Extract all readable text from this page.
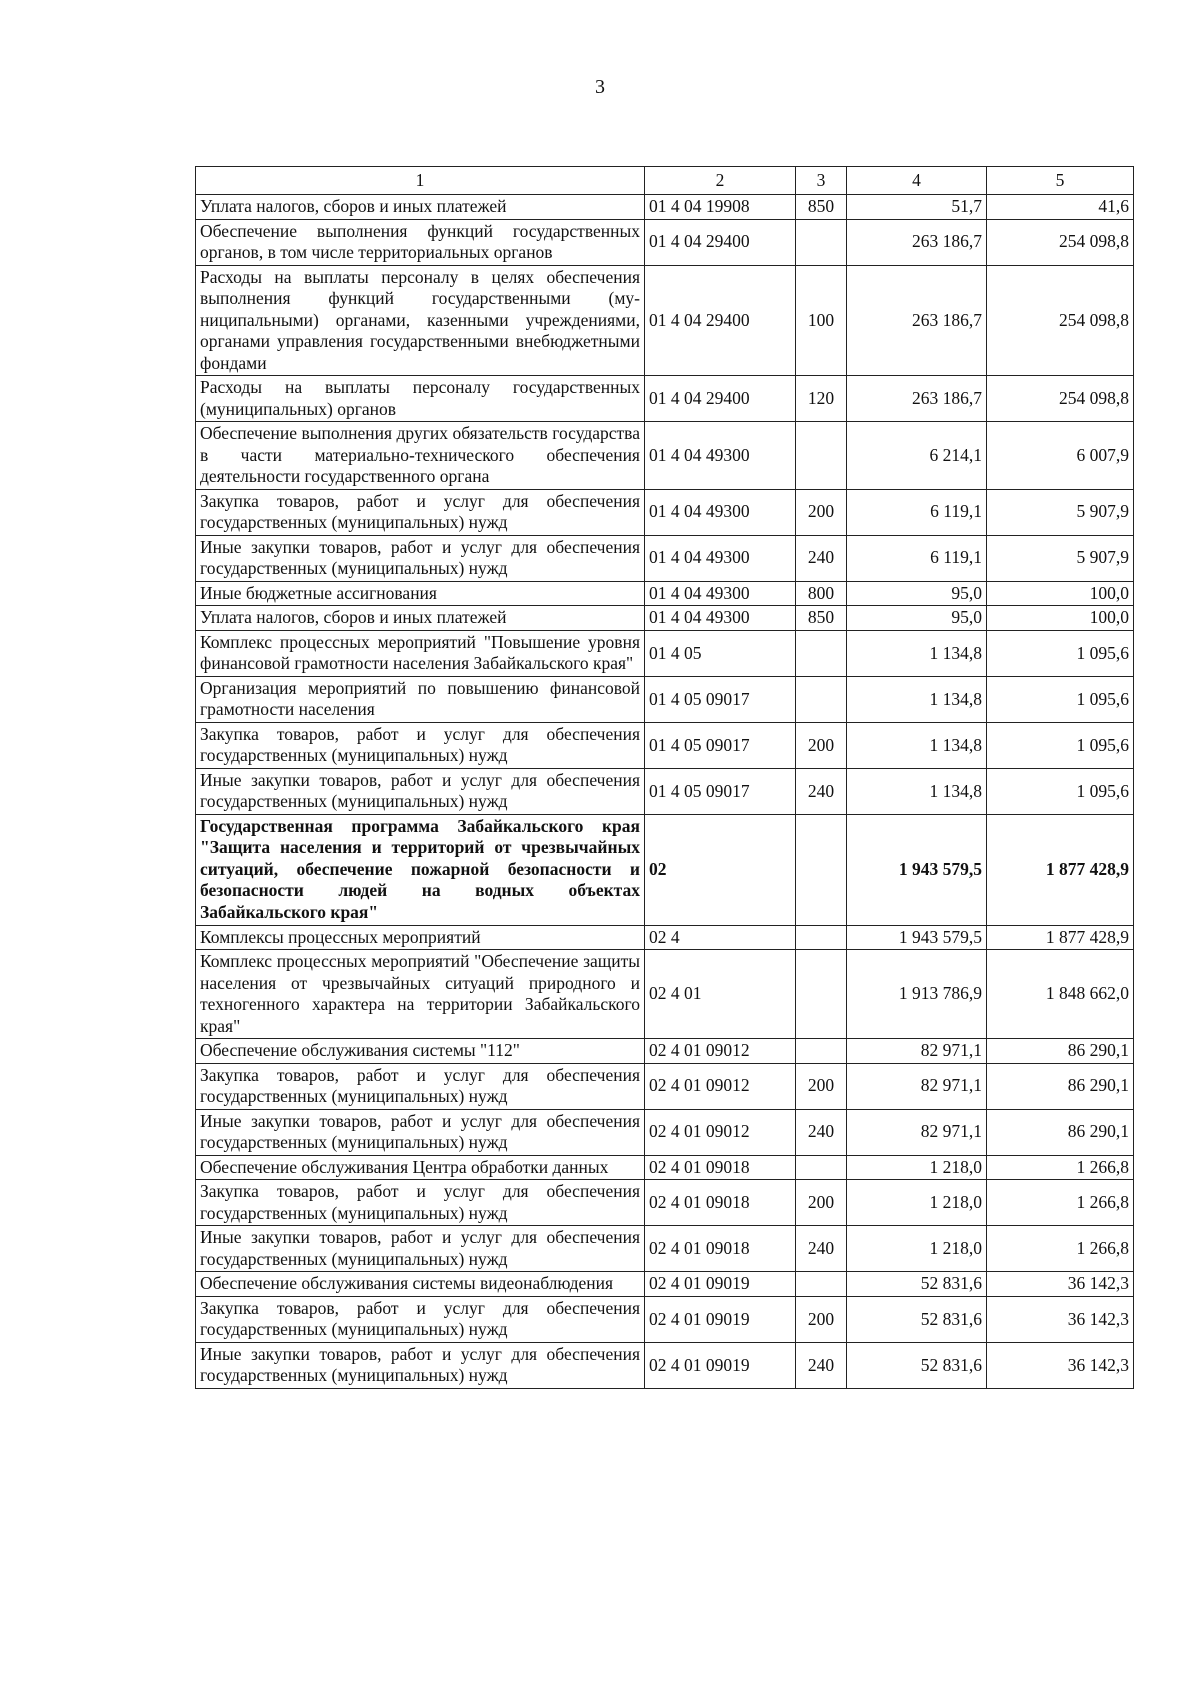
3
1	2	3	4	5
Уплата налогов, сборов и иных платежей	01 4 04 19908	850	51,7	41,6
Обеспечение выполнения функций государственных органов, в том числе территориальных органов	01 4 04 29400		263 186,7	254 098,8
Расходы на выплаты персоналу в целях обеспечения выполнения функций государственными (муниципальными) органами, казенными учреждениями, органами управления государственными внебюджетными фондами	01 4 04 29400	100	263 186,7	254 098,8
Расходы на выплаты персоналу государственных (муниципальных) органов	01 4 04 29400	120	263 186,7	254 098,8
Обеспечение выполнения других обязательств государства в части материально-технического обеспечения деятельности государственного органа	01 4 04 49300		6 214,1	6 007,9
Закупка товаров, работ и услуг для обеспечения государственных (муниципальных) нужд	01 4 04 49300	200	6 119,1	5 907,9
Иные закупки товаров, работ и услуг для обеспечения государственных (муниципальных) нужд	01 4 04 49300	240	6 119,1	5 907,9
Иные бюджетные ассигнования	01 4 04 49300	800	95,0	100,0
Уплата налогов, сборов и иных платежей	01 4 04 49300	850	95,0	100,0
Комплекс процессных мероприятий "Повышение уровня финансовой грамотности населения Забайкальского края"	01 4 05		1 134,8	1 095,6
Организация мероприятий по повышению финансовой грамотности населения	01 4 05 09017		1 134,8	1 095,6
Закупка товаров, работ и услуг для обеспечения государственных (муниципальных) нужд	01 4 05 09017	200	1 134,8	1 095,6
Иные закупки товаров, работ и услуг для обеспечения государственных (муниципальных) нужд	01 4 05 09017	240	1 134,8	1 095,6
Государственная программа Забайкальского края "Защита населения и территорий от чрезвычайных ситуаций, обеспечение пожарной безопасности и безопасности людей на водных объектах Забайкальского края"	02		1 943 579,5	1 877 428,9
Комплексы процессных мероприятий	02 4		1 943 579,5	1 877 428,9
Комплекс процессных мероприятий "Обеспечение защиты населения от чрезвычайных ситуаций природного и техногенного характера на территории Забайкальского края"	02 4 01		1 913 786,9	1 848 662,0
Обеспечение обслуживания системы "112"	02 4 01 09012		82 971,1	86 290,1
Закупка товаров, работ и услуг для обеспечения государственных (муниципальных) нужд	02 4 01 09012	200	82 971,1	86 290,1
Иные закупки товаров, работ и услуг для обеспечения государственных (муниципальных) нужд	02 4 01 09012	240	82 971,1	86 290,1
Обеспечение обслуживания Центра обработки данных	02 4 01 09018		1 218,0	1 266,8
Закупка товаров, работ и услуг для обеспечения государственных (муниципальных) нужд	02 4 01 09018	200	1 218,0	1 266,8
Иные закупки товаров, работ и услуг для обеспечения государственных (муниципальных) нужд	02 4 01 09018	240	1 218,0	1 266,8
Обеспечение обслуживания системы видеонаблюдения	02 4 01 09019		52 831,6	36 142,3
Закупка товаров, работ и услуг для обеспечения государственных (муниципальных) нужд	02 4 01 09019	200	52 831,6	36 142,3
Иные закупки товаров, работ и услуг для обеспечения государственных (муниципальных) нужд	02 4 01 09019	240	52 831,6	36 142,3
